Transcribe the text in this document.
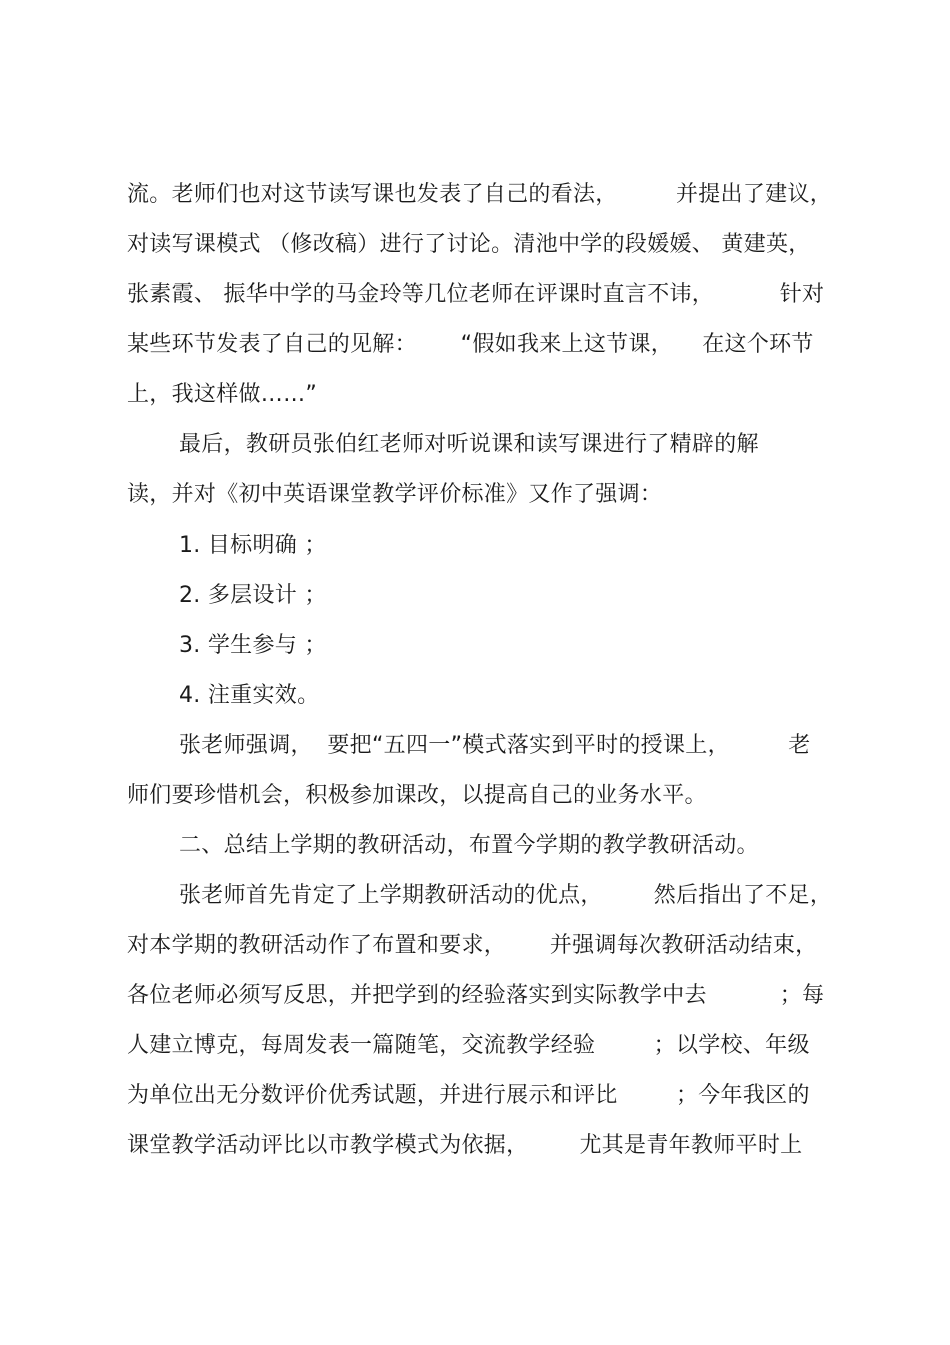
流。老师们也对这节读写课也发表了自己的看法，        并提出了建议，
对读写课模式 （修改稿）进行了讨论。清池中学的段媛媛、 黄建英，
张素霞、 振华中学的马金玲等几位老师在评课时直言不讳，         针对
某些环节发表了自己的见解：      “假如我来上这节课，    在这个环节
上，我这样做……”
最后，教研员张伯红老师对听说课和读写课进行了精辟的解
读，并对《初中英语课堂教学评价标准》又作了强调：
1. 目标明确 ；
2. 多层设计 ；
3. 学生参与 ；
4. 注重实效。
张老师强调，  要把“五四一”模式落实到平时的授课上，        老
师们要珍惜机会，积极参加课改，以提高自己的业务水平。
二、总结上学期的教研活动，布置今学期的教学教研活动。
张老师首先肯定了上学期教研活动的优点，       然后指出了不足，
对本学期的教研活动作了布置和要求，      并强调每次教研活动结束，
各位老师必须写反思，并把学到的经验落实到实际教学中去          ；每
人建立博克，每周发表一篇随笔，交流教学经验        ；以学校、年级
为单位出无分数评价优秀试题，并进行展示和评比        ；今年我区的
课堂教学活动评比以市教学模式为依据，       尤其是青年教师平时上
